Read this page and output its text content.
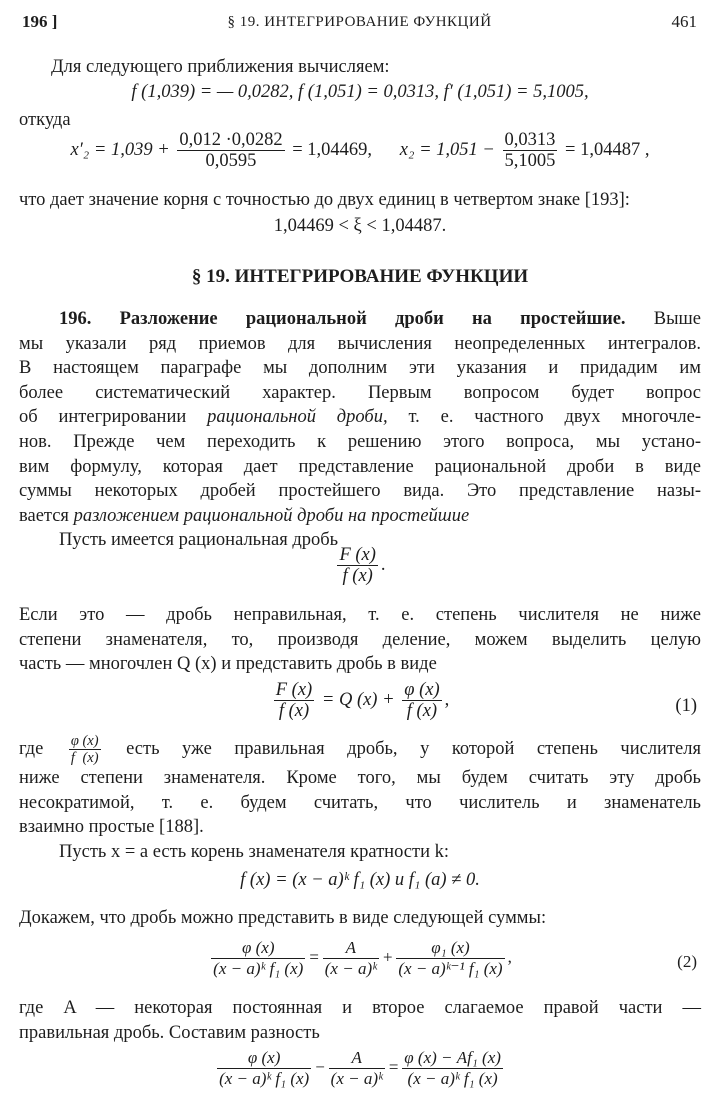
196 ]	§ 19. ИНТЕГРИРОВАНИЕ ФУНКЦИЙ	461
Для следующего приближения вычисляем:
f (1,039) = — 0,0282, f (1,051) = 0,0313, f′ (1,051) = 5,1005,
откуда
$x'_2 = 1,039 + \frac{0,012 \cdot 0,0282}{0,0595} = 1,04469$, $x_2 = 1,051 - \frac{0,0313}{5,1005} = 1,04487$ ,
что дает значение корня с точностью до двух единиц в четвертом знаке [193]:
1,04469 < ξ < 1,04487.
§ 19. ИНТЕГРИРОВАНИЕ ФУНКЦИИ
196. Разложение рациональной дроби на простейшие. Выше
мы указали ряд приемов для вычисления неопределенных интегралов.
В настоящем параграфе мы дополним эти указания и придадим им
более систематический характер. Первым вопросом будет вопрос
об интегрировании рациональной дроби, т. е. частного двух многочле-
нов. Прежде чем переходить к решению этого вопроса, мы устано-
вим формулу, которая дает представление рациональной дроби в виде
суммы некоторых дробей простейшего вида. Это представление назы-
вается разложением рациональной дроби на простейшие
Пусть имеется рациональная дробь
$\frac{F (x)}{f (x)}$ .
Если это — дробь неправильная, т. е. степень числителя не ниже
степени знаменателя, то, производя деление, можем выделить целую
часть — многочлен Q (x) и представить дробь в виде
$\frac{F (x)}{f (x)} = Q$ $(x) + \frac{\varphi (x)}{f (x)}$ ,	(1)
где $\frac{\varphi (x)}{f (x)}$ есть уже правильная дробь, у которой степень числителя
ниже степени знаменателя. Кроме того, мы будем считать эту дробь
несократимой, т. е. будем считать, что числитель и знаменатель
взаимно простые [188].
Пусть x = a есть корень знаменателя кратности k:
f (x) = (x − a)ᵏ f₁ (x) и f₁ (a) ≠ 0.
Докажем, что дробь можно представить в виде следующей суммы:
$\frac{\varphi (x)}{\text{(x − a)ᵏ f₁ (x)}} = \frac{A}{\text{(x − a)ᵏ}} + \frac{\text{φ₁ (x)}}{\text{(x − a)ᵏ⁻¹ f₁ (x)}}$ ,	(2)
где A — некоторая постоянная и второе слагаемое правой части —
правильная дробь. Составим разность
$\frac{\varphi (x)}{\text{(x − a)ᵏ f₁ (x)}} - \frac{A}{\text{(x − a)ᵏ}} = \frac{\text{φ (x) − Af₁ (x)}}{\text{(x − a)ᵏ f₁ (x)}}$
